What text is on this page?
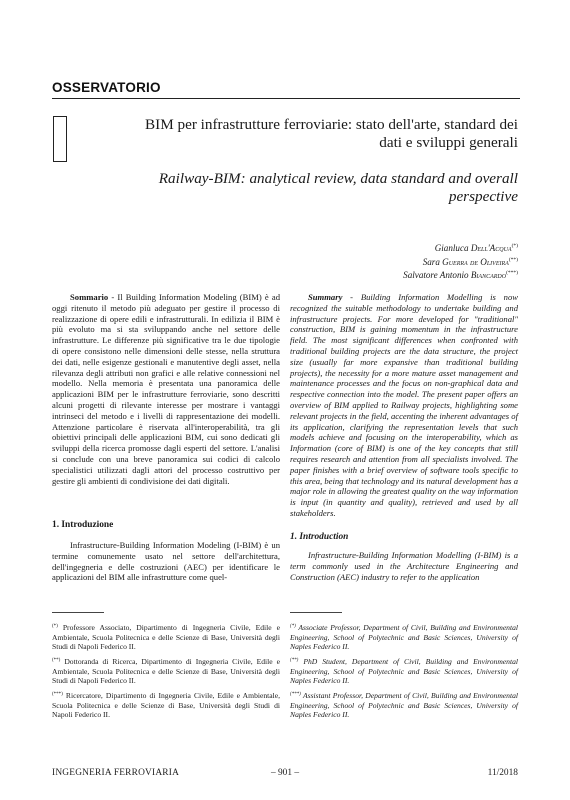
OSSERVATORIO
BIM per infrastrutture ferroviarie: stato dell'arte, standard dei dati e sviluppi generali
Railway-BIM: analytical review, data standard and overall perspective
Gianluca Dell'Acqua(*)
Sara Guerra de Oliveira(**)
Salvatore Antonio Biancardo(***)

Sommario - Il Building Information Modeling (BIM) è ad oggi ritenuto il metodo più adeguato per gestire il processo di realizzazione di opere edili e infrastrutturali. In edilizia il BIM è più evoluto ma si sta sviluppando anche nel settore delle infrastrutture. Le differenze più significative tra le due tipologie di opere consistono nelle dimensioni delle stesse, nella struttura dei dati, nelle esigenze gestionali e manutentive degli asset, nella rilevanza degli attributi non grafici e alle relative connessioni nel modello. Nella memoria è presentata una panoramica delle applicazioni BIM per le infrastrutture ferroviarie, sono descritti alcuni progetti di rilevante interesse per mostrare i vantaggi intrinseci del metodo e i livelli di rappresentazione dei modelli. Attenzione particolare è riservata all'interoperabilità, tra gli obiettivi principali delle applicazioni BIM, cui sono dedicati gli sviluppi della ricerca promosse dagli esperti del settore. L'analisi si conclude con una breve panoramica sui codici di calcolo specialistici utilizzati dagli attori del processo costruttivo per gestire gli ambienti di condivisione dei dati digitali.

Summary - Building Information Modelling is now recognized the suitable methodology to undertake building and infrastructure projects. For more developed for "traditional" construction, BIM is gaining momentum in the infrastructure field. The most significant differences when confronted with traditional building projects are the data structure, the project size (usually far more expansive than traditional building projects), the necessity for a more mature asset management and maintenance processes and the focus on non-graphical data and respective connection into the model. The present paper offers an overview of BIM applied to Railway projects, highlighting some relevant projects in the field, accenting the inherent advantages of its application, clarifying the representation levels that such models achieve and focusing on the interoperability, which as Information (core of BIM) is one of the key concepts that still requires research and attention from all specialists involved. The paper finishes with a brief overview of software tools specific to this area, being that technology and its natural development has a major role in allowing the greatest quality on the way information is input (in quantity and quality), retrieved and used by all stakeholders.

1. Introduzione

Infrastructure-Building Information Modeling (I-BIM) è un termine comunemente usato nel settore dell'architettura, dell'ingegneria e delle costruzioni (AEC) per identificare le applicazioni del BIM alle infrastrutture come quel-

1. Introduction

Infrastructure-Building Information Modelling (I-BIM) is a term commonly used in the Architecture Engineering and Construction (AEC) industry to refer to the application

(*) Professore Associato, Dipartimento di Ingegneria Civile, Edile e Ambientale, Scuola Politecnica e delle Scienze di Base, Università degli Studi di Napoli Federico II.
(**) Dottoranda di Ricerca, Dipartimento di Ingegneria Civile, Edile e Ambientale, Scuola Politecnica e delle Scienze di Base, Università degli Studi di Napoli Federico II.
(***) Ricercatore, Dipartimento di Ingegneria Civile, Edile e Ambientale, Scuola Politecnica e delle Scienze di Base, Università degli Studi di Napoli Federico II.
(*) Associate Professor, Department of Civil, Building and Environmental Engineering, School of Polytechnic and Basic Sciences, University of Naples Federico II.
(**) PhD Student, Department of Civil, Building and Environmental Engineering, School of Polytechnic and Basic Sciences, University of Naples Federico II.
(***) Assistant Professor, Department of Civil, Building and Environmental Engineering, School of Polytechnic and Basic Sciences, University of Naples Federico II.
INGEGNERIA FERROVIARIA	– 901 –	11/2018
